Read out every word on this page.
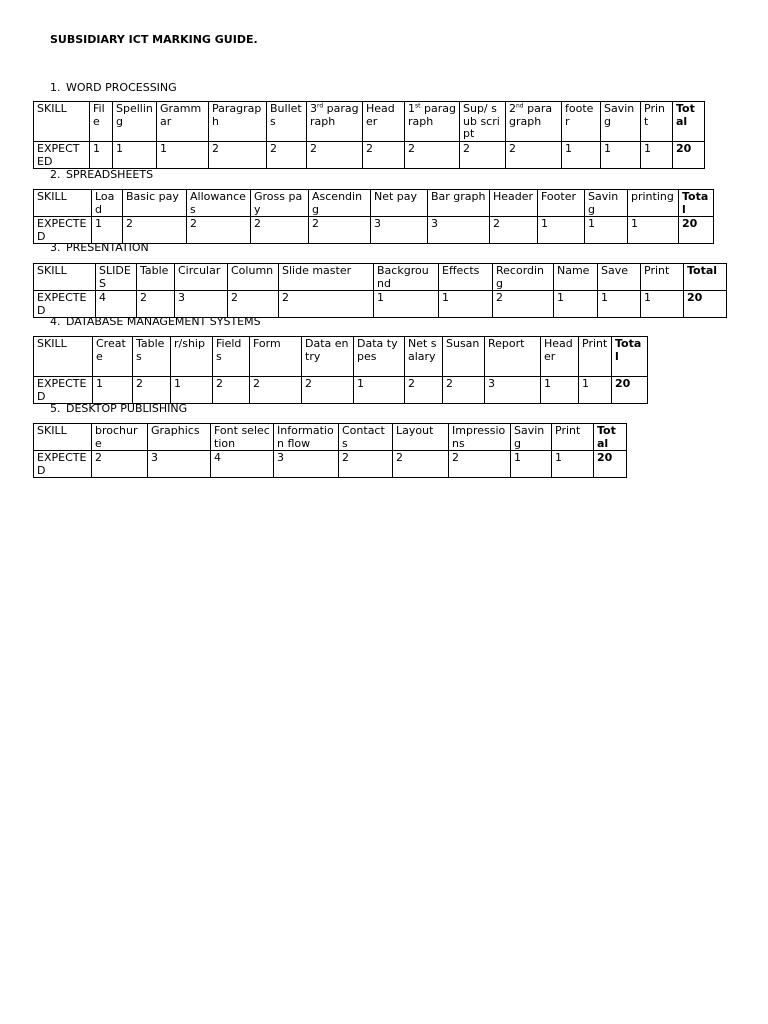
SUBSIDIARY ICT MARKING GUIDE.

1. WORD PROCESSING

SKILL	File	Spelling	Grammar	Paragraph	Bullets	3rd paragraph	Header	1st paragraph	Sup/ sub script	2nd paragraph	footer	Saving	Print	Total
EXPECTED	1	1	1	2	2	2	2	2	2	2	1	1	1	20

2. SPREADSHEETS

SKILL	Load	Basic pay	Allowances	Gross pay	Ascending	Net pay	Bar graph	Header	Footer	Saving	printing	Total
EXPECTED	1	2	2	2	2	3	3	2	1	1	1	20

3. PRESENTATION

SKILL	SLIDES	Table	Circular	Column	Slide master	Background	Effects	Recording	Name	Save	Print	Total
EXPECTED	4	2	3	2	2	1	1	2	1	1	1	20

4. DATABASE MANAGEMENT SYSTEMS

SKILL	Create	Tables	r/ship	Fields	Form	Data entry	Data types	Net salary	Susan	Report	Header	Print	Total
EXPECTED	1	2	1	2	2	2	1	2	2	3	1	1	20

5. DESKTOP PUBLISHING

SKILL	brochure	Graphics	Font selection	Information flow	Contacts	Layout	Impressions	Saving	Print	Total
EXPECTED	2	3	4	3	2	2	2	1	1	20
